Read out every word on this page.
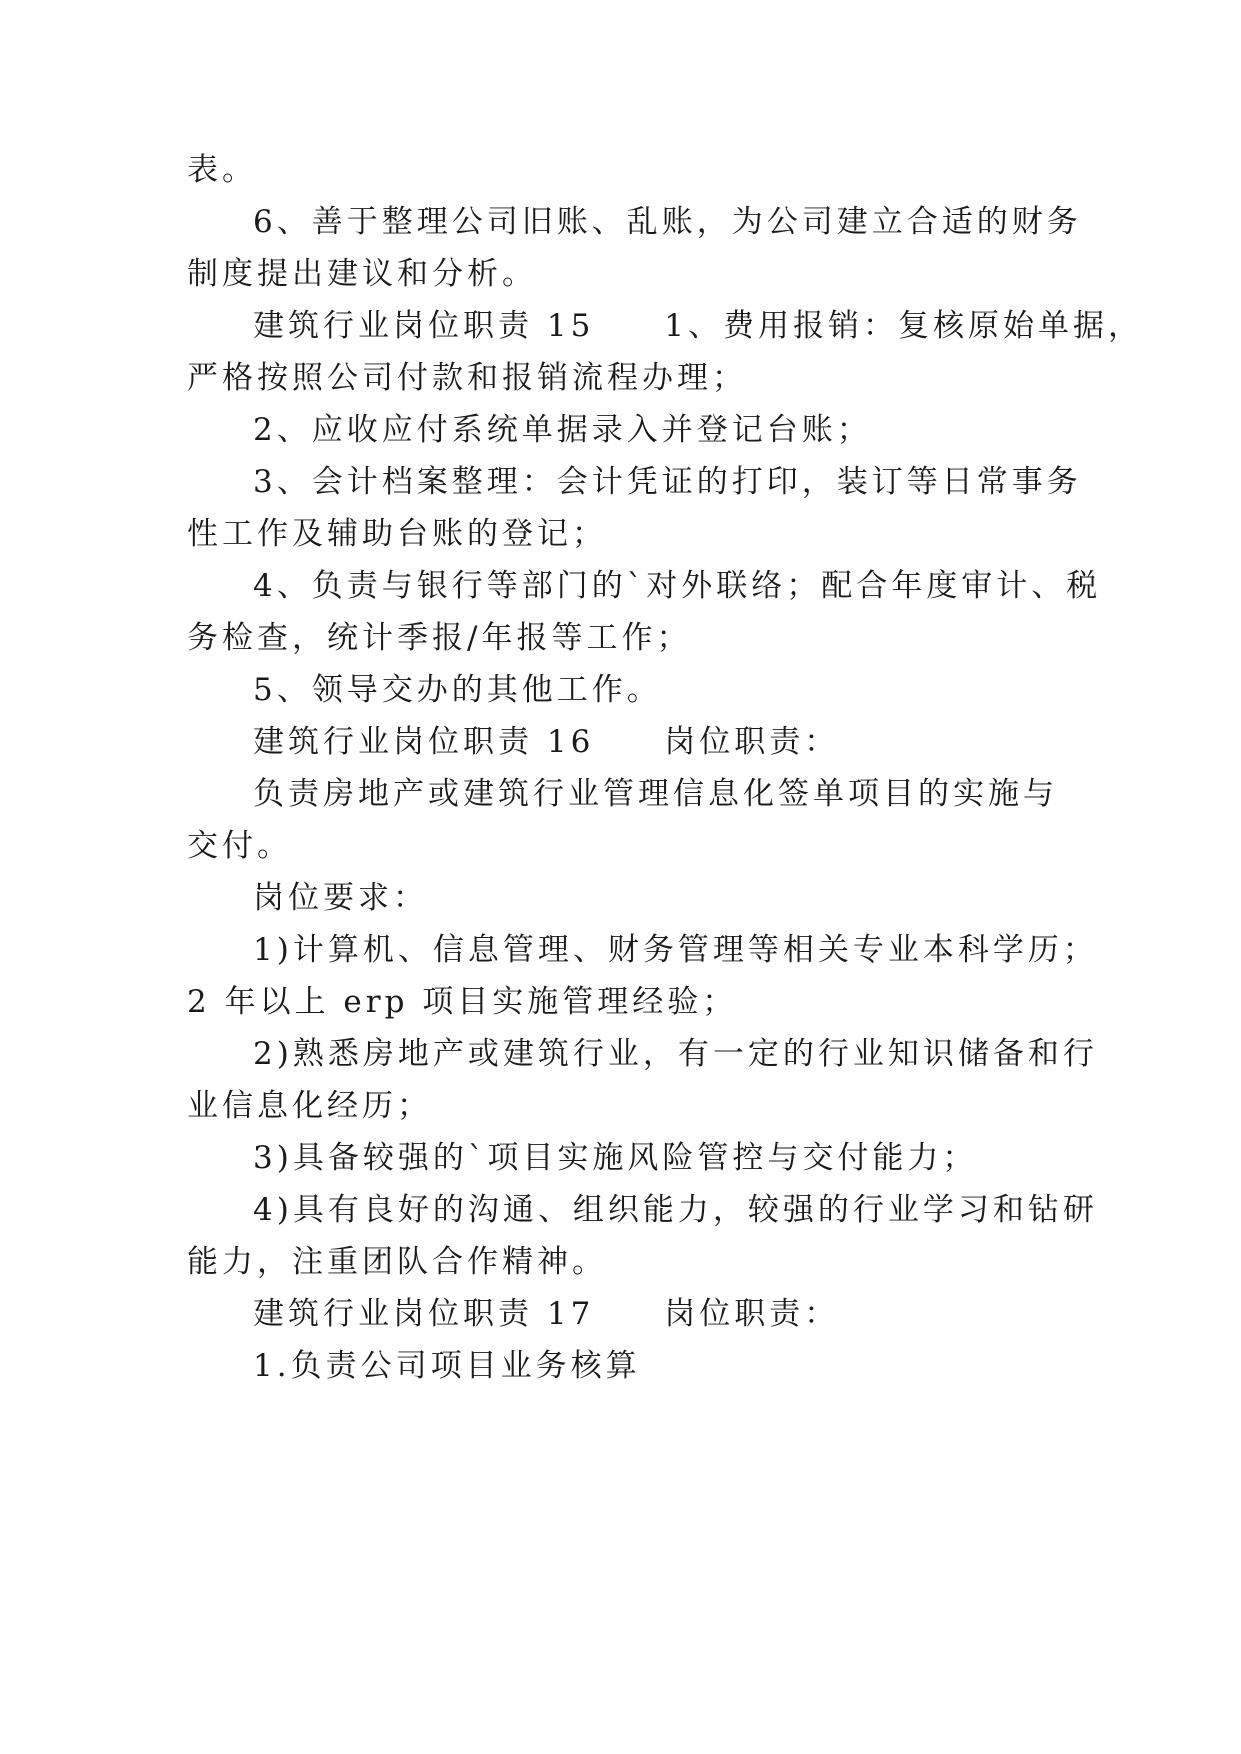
表。
6、善于整理公司旧账、乱账，为公司建立合适的财务
制度提出建议和分析。
建筑行业岗位职责 15　　1、费用报销：复核原始单据，
严格按照公司付款和报销流程办理；
2、应收应付系统单据录入并登记台账；
3、会计档案整理：会计凭证的打印，装订等日常事务
性工作及辅助台账的登记；
4、负责与银行等部门的`对外联络；配合年度审计、税
务检查，统计季报/年报等工作；
5、领导交办的其他工作。
建筑行业岗位职责 16　　岗位职责：
负责房地产或建筑行业管理信息化签单项目的实施与
交付。
岗位要求：
1)计算机、信息管理、财务管理等相关专业本科学历；
2 年以上 erp 项目实施管理经验；
2)熟悉房地产或建筑行业，有一定的行业知识储备和行
业信息化经历；
3)具备较强的`项目实施风险管控与交付能力；
4)具有良好的沟通、组织能力，较强的行业学习和钻研
能力，注重团队合作精神。
建筑行业岗位职责 17　　岗位职责：
1.负责公司项目业务核算
